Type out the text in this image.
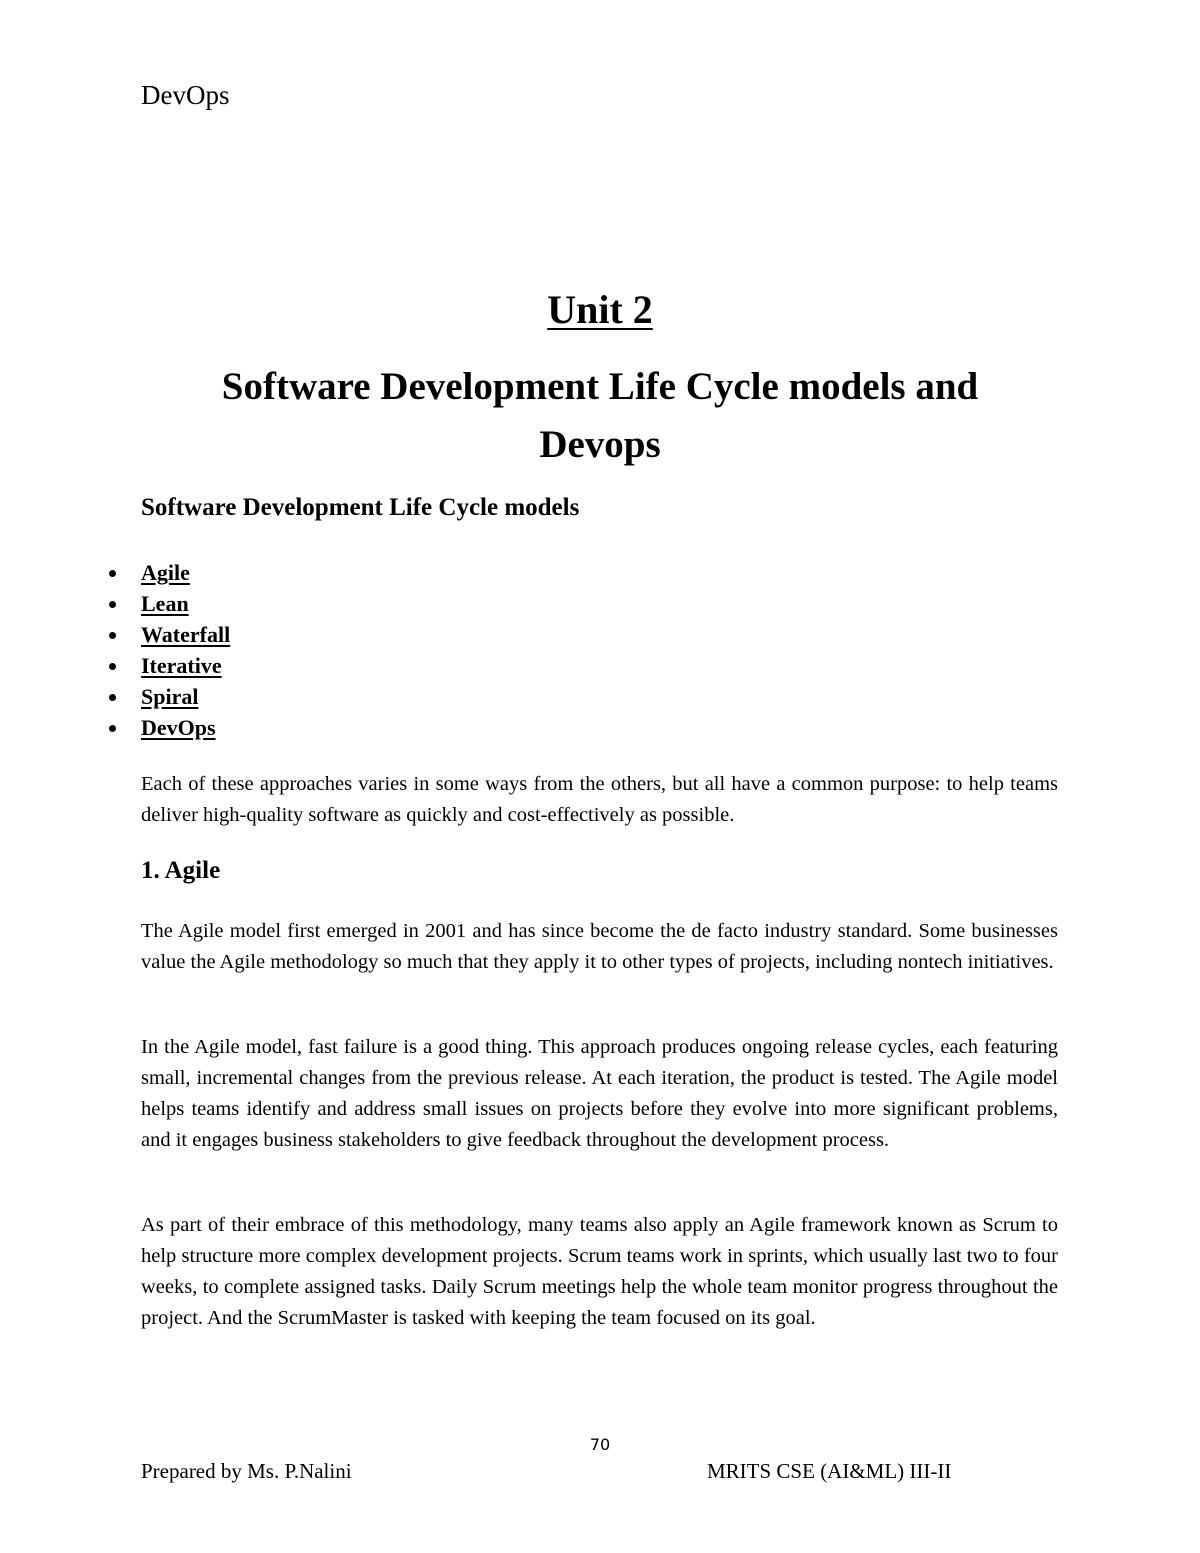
DevOps
Unit 2
Software Development Life Cycle models and Devops
Software Development Life Cycle models
Agile
Lean
Waterfall
Iterative
Spiral
DevOps

Each of these approaches varies in some ways from the others, but all have a common purpose: to help teams deliver high-quality software as quickly and cost-effectively as possible.

1. Agile

The Agile model first emerged in 2001 and has since become the de facto industry standard. Some businesses value the Agile methodology so much that they apply it to other types of projects, including nontech initiatives.

In the Agile model, fast failure is a good thing. This approach produces ongoing release cycles, each featuring small, incremental changes from the previous release. At each iteration, the product is tested. The Agile model helps teams identify and address small issues on projects before they evolve into more significant problems, and it engages business stakeholders to give feedback throughout the development process.

As part of their embrace of this methodology, many teams also apply an Agile framework known as Scrum to help structure more complex development projects. Scrum teams work in sprints, which usually last two to four weeks, to complete assigned tasks. Daily Scrum meetings help the whole team monitor progress throughout the project. And the ScrumMaster is tasked with keeping the team focused on its goal.

70
Prepared by Ms. P.Nalini	MRITS CSE (AI&ML) III-II
